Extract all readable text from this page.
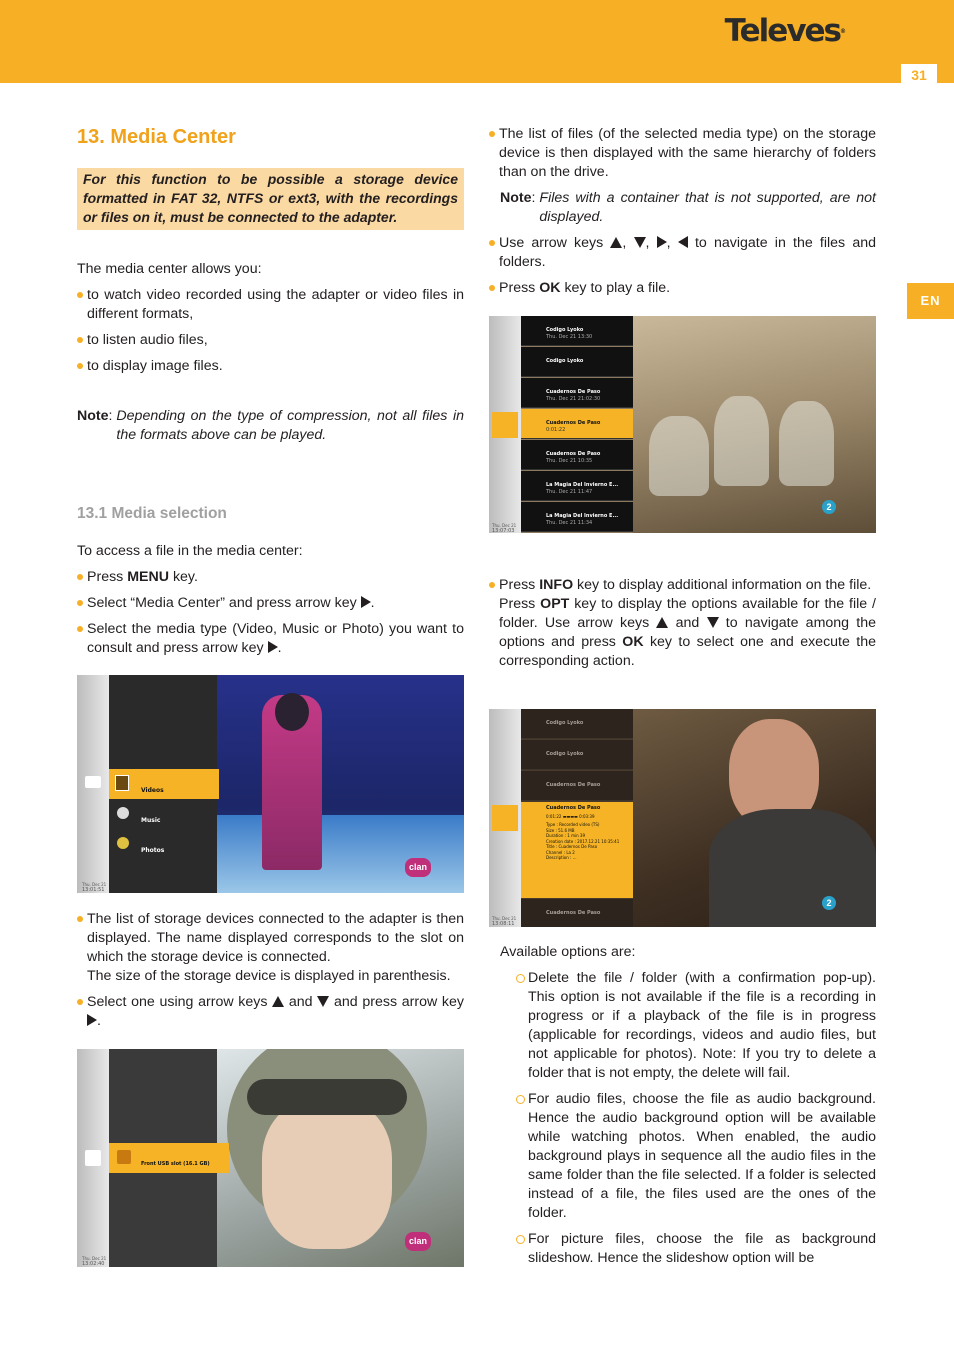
Televes®
31
EN
13. Media Center
For this function to be possible a storage device formatted in FAT 32, NTFS or ext3, with the recordings or files on it, must be connected to the adapter.

The media center allows you:

to watch video recorded using the adapter or video files in different formats,
to listen audio files,
to display image files.
Note : Depending on the type of compression, not all files in the formats above can be played.
13.1 Media selection

To access a file in the media center:

Press MENU key.
Select “Media Center” and press arrow key .
Select the media type (Video, Music or Photo) you want to consult and press arrow key .
Videos
Music
Photos
Thu. Dec 21
13:01:51
clan
The list of storage devices connected to the adapter is then displayed. The name displayed corresponds to the slot on which the storage device is connected.
The size of the storage device is displayed in parenthesis.
Select one using arrow keys  and  and press arrow key .
Front USB slot (16.1 GB)
Thu. Dec 21
13:02:40
clan
The list of files (of the selected media type) on the storage device is then displayed with the same hierarchy of folders than on the drive.
Note : Files with a container that is not supported, are not displayed.
Use arrow keys , , ,  to navigate in the files and folders.
Press OK key to play a file.
Codigo Lyoko
Thu. Dec 21 13:30
Codigo Lyoko
Cuadernos De Paso
Thu. Dec 21 21:02:30
Cuadernos De Paso
0:01:22
Cuadernos De Paso
Thu. Dec 21 10:35
La Magia Del Invierno E...
Thu. Dec 21 11:47
La Magia Del Invierno E...
Thu. Dec 21 11:34
Thu. Dec 21
13:07:03
2
Press INFO key to display additional information on the file.
Press OPT key to display the options available for the file / folder. Use arrow keys  and  to navigate among the options and press OK key to select one and execute the corresponding action.
Codigo Lyoko
Codigo Lyoko
Cuadernos De Paso
Cuadernos De Paso
0:01:22 ▬▬▬▬ 0:03:39
Type : Recorded video (TS)
Size : 51.6 MB
Duration : 1 min 39
Creation date : 2017.12.21 10:35:41
Title : Cuadernos De Paso
Channel : La 2
Description : ...
Cuadernos De Paso
Thu. Dec 21
13:08:11
2

Available options are:

Delete the file / folder (with a confirmation pop-up). This option is not available if the file is a recording in progress or if a playback of the file is in progress (applicable for recordings, videos and audio files, but not applicable for photos). Note: If you try to delete a folder that is not empty, the delete will fail.
For audio files, choose the file as audio background. Hence the audio background option will be available while watching photos. When enabled, the audio background plays in sequence all the audio files in the same folder than the file selected. If a folder is selected instead of a file, the files used are the ones of the folder.
For picture files, choose the file as background slideshow. Hence the slideshow option will be
